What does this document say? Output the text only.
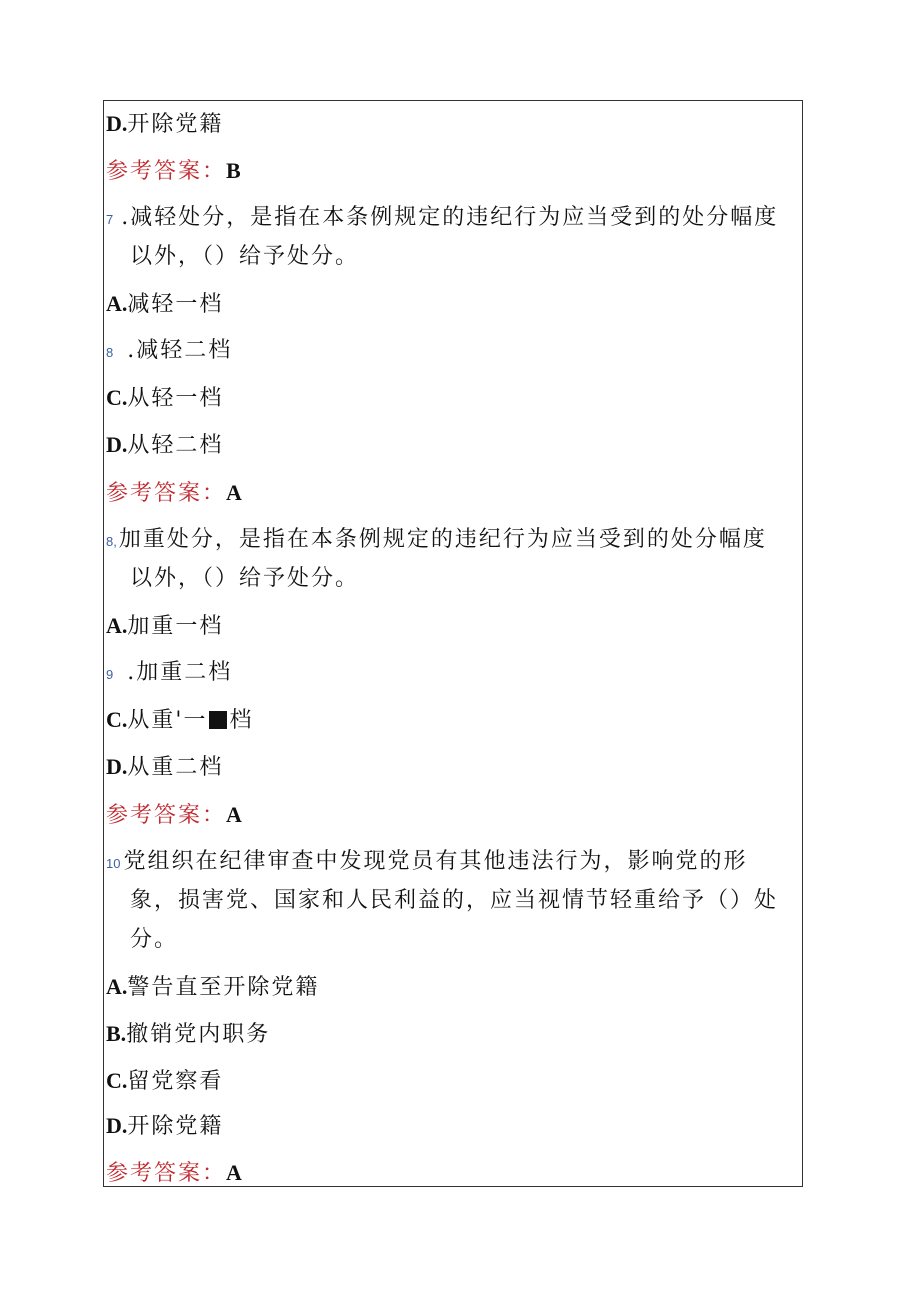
D.开除党籍
参考答案：B
7 .减轻处分，是指在本条例规定的违纪行为应当受到的处分幅度
以外，（）给予处分。
A.减轻一档
8 .减轻二档
C.从轻一档
D.从轻二档
参考答案：A
8,加重处分，是指在本条例规定的违纪行为应当受到的处分幅度
以外，（）给予处分。
A.加重一档
9 .加重二档
C.从重'一 档
D.从重二档
参考答案：A
10 党组织在纪律审查中发现党员有其他违法行为，影响党的形
象，损害党、国家和人民利益的，应当视情节轻重给予（）处
分。
A.警告直至开除党籍
B.撤销党内职务
C.留党察看
D.开除党籍
参考答案：A
